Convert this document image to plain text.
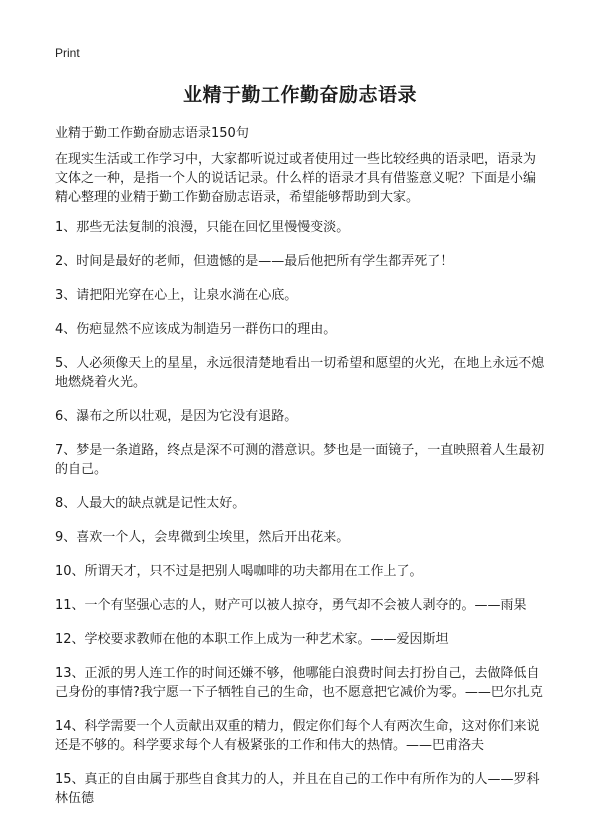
Print
业精于勤工作勤奋励志语录
业精于勤工作勤奋励志语录150句
在现实生活或工作学习中，大家都听说过或者使用过一些比较经典的语录吧，语录为文体之一种，是指一个人的说话记录。什么样的语录才具有借鉴意义呢？下面是小编精心整理的业精于勤工作勤奋励志语录，希望能够帮助到大家。
1、那些无法复制的浪漫，只能在回忆里慢慢变淡。
2、时间是最好的老师，但遗憾的是——最后他把所有学生都弄死了！
3、请把阳光穿在心上，让泉水淌在心底。
4、伤疤显然不应该成为制造另一群伤口的理由。
5、人必须像天上的星星，永远很清楚地看出一切希望和愿望的火光，在地上永远不熄地燃烧着火光。
6、瀑布之所以壮观，是因为它没有退路。
7、梦是一条道路，终点是深不可测的潜意识。梦也是一面镜子，一直映照着人生最初的自己。
8、人最大的缺点就是记性太好。
9、喜欢一个人，会卑微到尘埃里，然后开出花来。
10、所谓天才，只不过是把别人喝咖啡的功夫都用在工作上了。
11、一个有坚强心志的人，财产可以被人掠夺，勇气却不会被人剥夺的。——雨果
12、学校要求教师在他的本职工作上成为一种艺术家。——爱因斯坦
13、正派的男人连工作的时间还嫌不够，他哪能白浪费时间去打扮自己，去做降低自己身份的事情?我宁愿一下子牺牲自己的生命，也不愿意把它减价为零。——巴尔扎克
14、科学需要一个人贡献出双重的精力，假定你们每个人有两次生命，这对你们来说还是不够的。科学要求每个人有极紧张的工作和伟大的热情。——巴甫洛夫
15、真正的自由属于那些自食其力的人，并且在自己的工作中有所作为的人——罗科林伍德
